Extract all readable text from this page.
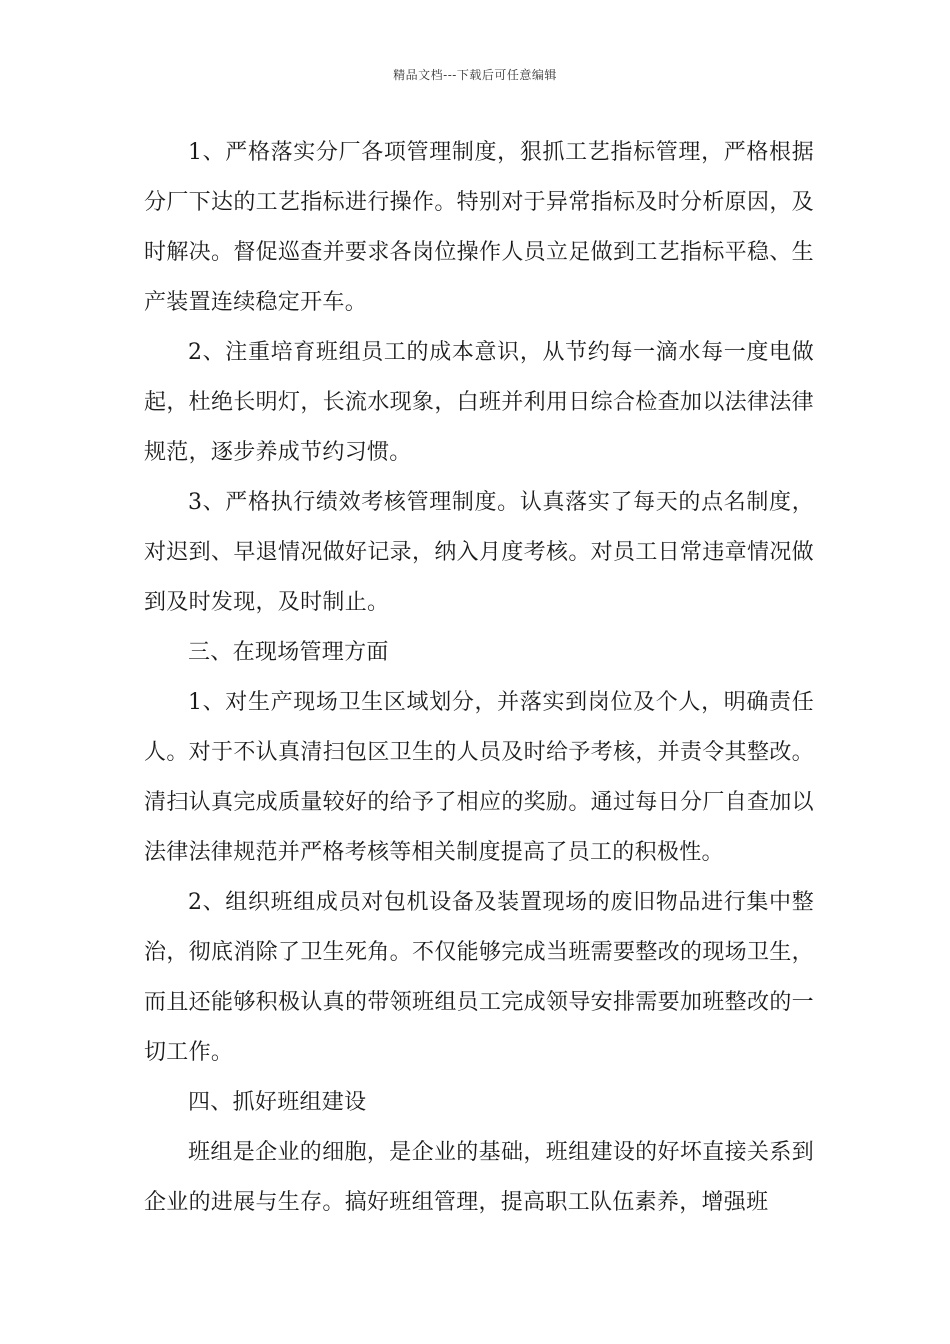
精品文档---下载后可任意编辑

1、严格落实分厂各项管理制度，狠抓工艺指标管理，严格根据分厂下达的工艺指标进行操作。特别对于异常指标及时分析原因，及时解决。督促巡查并要求各岗位操作人员立足做到工艺指标平稳、生产装置连续稳定开车。

2、注重培育班组员工的成本意识，从节约每一滴水每一度电做起，杜绝长明灯，长流水现象，白班并利用日综合检查加以法律法律规范，逐步养成节约习惯。

3、严格执行绩效考核管理制度。认真落实了每天的点名制度，对迟到、早退情况做好记录，纳入月度考核。对员工日常违章情况做到及时发现，及时制止。

三、在现场管理方面

1、对生产现场卫生区域划分，并落实到岗位及个人，明确责任人。对于不认真清扫包区卫生的人员及时给予考核，并责令其整改。清扫认真完成质量较好的给予了相应的奖励。通过每日分厂自查加以法律法律规范并严格考核等相关制度提高了员工的积极性。

2、组织班组成员对包机设备及装置现场的废旧物品进行集中整治，彻底消除了卫生死角。不仅能够完成当班需要整改的现场卫生，而且还能够积极认真的带领班组员工完成领导安排需要加班整改的一切工作。

四、抓好班组建设

班组是企业的细胞，是企业的基础，班组建设的好坏直接关系到企业的进展与生存。搞好班组管理，提高职工队伍素养，增强班
